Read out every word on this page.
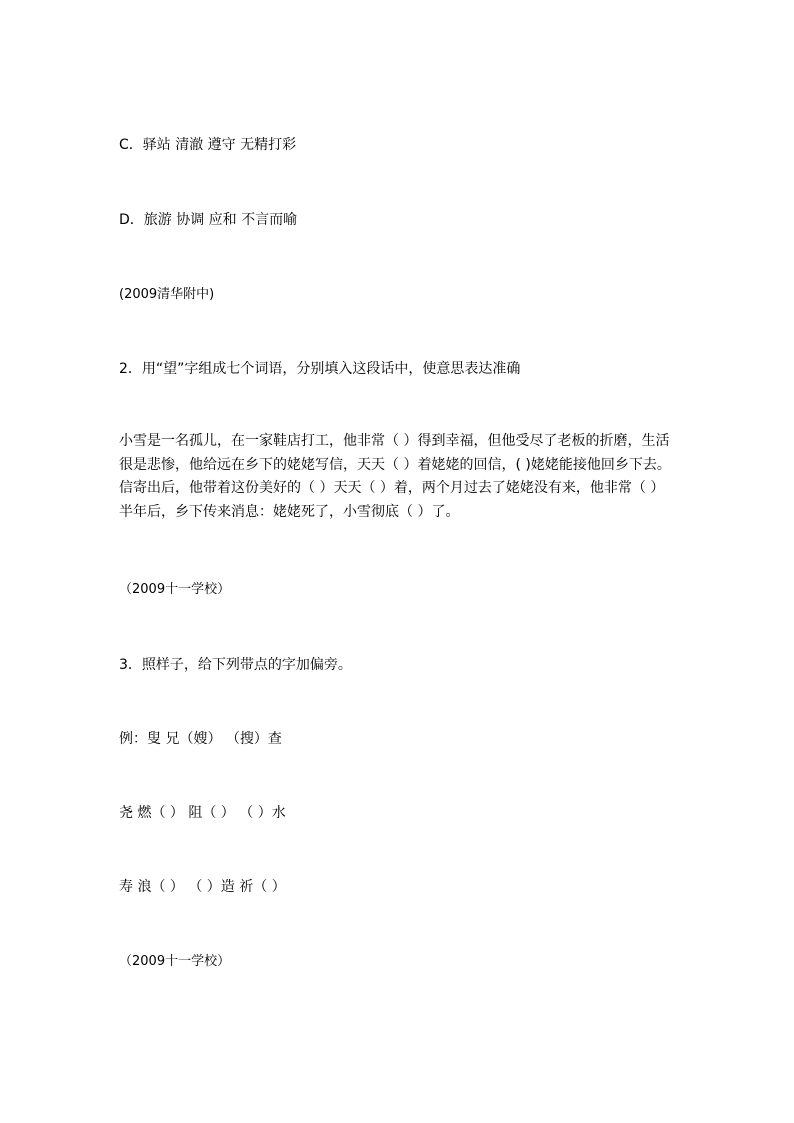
C．驿站 清澈 遵守 无精打彩

D．旅游 协调 应和 不言而喻

(2009清华附中)

2．用“望”字组成七个词语，分别填入这段话中，使意思表达准确

小雪是一名孤儿，在一家鞋店打工，他非常（ ）得到幸福，但他受尽了老板的折磨，生活
很是悲惨，他给远在乡下的姥姥写信，天天（ ）着姥姥的回信，( )姥姥能接他回乡下去。
信寄出后，他带着这份美好的（ ）天天（ ）着，两个月过去了姥姥没有来，他非常（ ）
半年后，乡下传来消息：姥姥死了，小雪彻底（ ）了。

（2009十一学校）

3．照样子，给下列带点的字加偏旁。

例：叟 兄（嫂） （搜）查

尧 燃（ ） 阻（ ） （ ）水

寿 浪（ ） （ ）造 祈（ ）

（2009十一学校）
